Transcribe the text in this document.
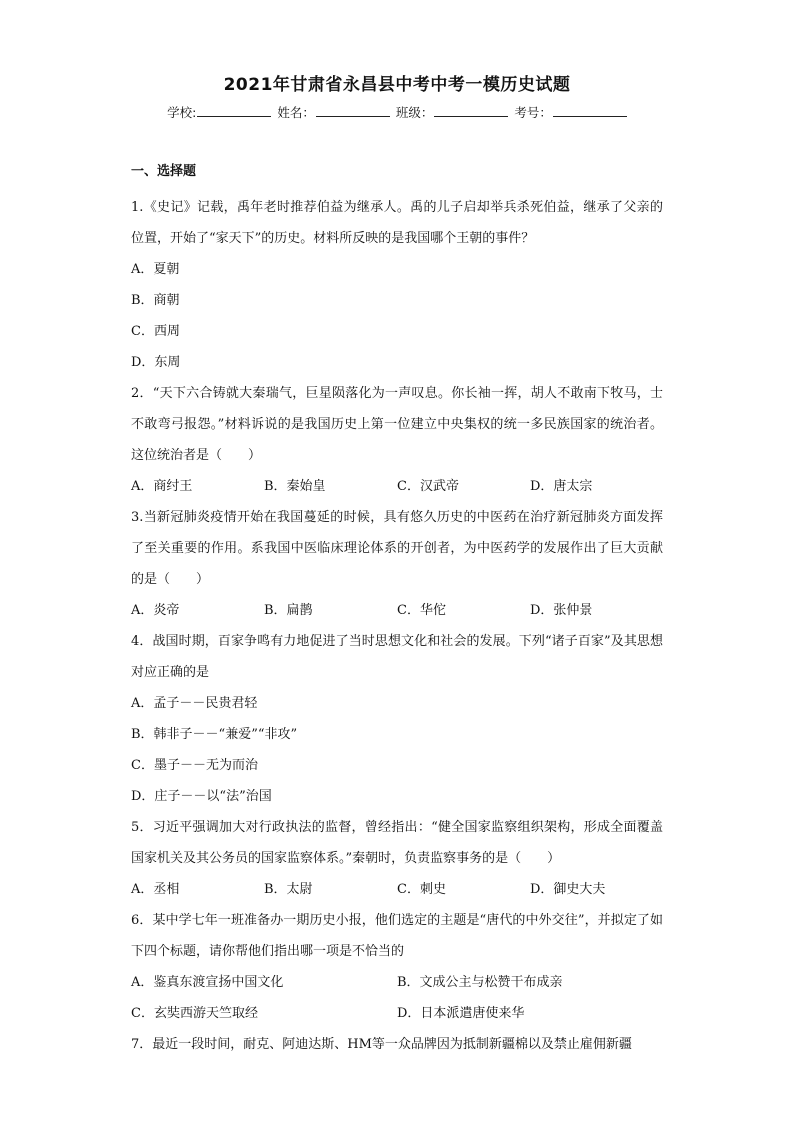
2021年甘肃省永昌县中考中考一模历史试题
学校:	姓名：	班级：	考号：
一、选择题

1.《史记》记载，禹年老时推荐伯益为继承人。禹的儿子启却举兵杀死伯益，继承了父亲的位置，开始了“家天下”的历史。材料所反映的是我国哪个王朝的事件？

A．夏朝
B．商朝
C．西周
D．东周

2．“天下六合铸就大秦瑞气，巨星陨落化为一声叹息。你长袖一挥，胡人不敢南下牧马，士不敢弯弓报怨。”材料诉说的是我国历史上第一位建立中央集权的统一多民族国家的统治者。这位统治者是（　　）

A．商纣王	B．秦始皇	C．汉武帝	D．唐太宗

3.当新冠肺炎疫情开始在我国蔓延的时候，具有悠久历史的中医药在治疗新冠肺炎方面发挥了至关重要的作用。系我国中医临床理论体系的开创者，为中医药学的发展作出了巨大贡献的是（　　）

A．炎帝	B．扁鹊	C．华佗	D．张仲景

4．战国时期，百家争鸣有力地促进了当时思想文化和社会的发展。下列“诸子百家”及其思想对应正确的是

A．孟子－－民贵君轻
B．韩非子－－“兼爱”“非攻”
C．墨子－－无为而治
D．庄子－－以“法”治国

5．习近平强调加大对行政执法的监督，曾经指出：“健全国家监察组织架构，形成全面覆盖国家机关及其公务员的国家监察体系。”秦朝时，负责监察事务的是（　　）

A．丞相	B．太尉	C．刺史	D．御史大夫

6．某中学七年一班准备办一期历史小报，他们选定的主题是“唐代的中外交往”，并拟定了如下四个标题，请你帮他们指出哪一项是不恰当的

A．鉴真东渡宣扬中国文化	B．文成公主与松赞干布成亲
C．玄奘西游天竺取经	D．日本派遣唐使来华

7．最近一段时间，耐克、阿迪达斯、HM等一众品牌因为抵制新疆棉以及禁止雇佣新疆
